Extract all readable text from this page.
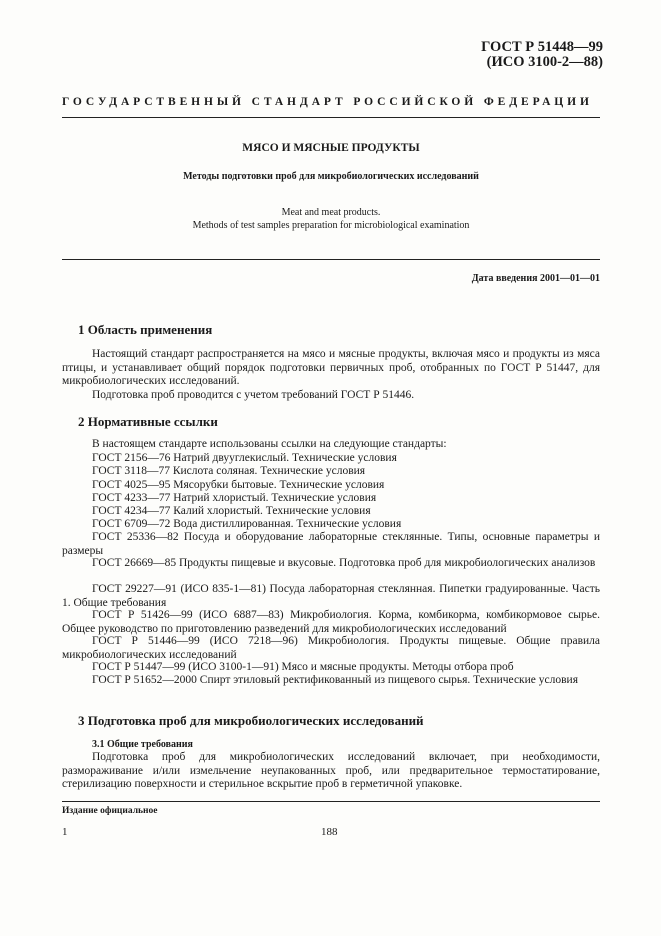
ГОСТ Р 51448—99
(ИСО 3100-2—88)
ГОСУДАРСТВЕННЫЙ СТАНДАРТ РОССИЙСКОЙ ФЕДЕРАЦИИ
МЯСО И МЯСНЫЕ ПРОДУКТЫ
Методы подготовки проб для микробиологических исследований
Meat and meat products.
Methods of test samples preparation for microbiological examination
Дата введения 2001—01—01
1 Область применения
Настоящий стандарт распространяется на мясо и мясные продукты, включая мясо и продукты из мяса птицы, и устанавливает общий порядок подготовки первичных проб, отобранных по ГОСТ Р 51447, для микробиологических исследований.
Подготовка проб проводится с учетом требований ГОСТ Р 51446.
2 Нормативные ссылки
В настоящем стандарте использованы ссылки на следующие стандарты:
ГОСТ 2156—76 Натрий двууглекислый. Технические условия
ГОСТ 3118—77 Кислота соляная. Технические условия
ГОСТ 4025—95 Мясорубки бытовые. Технические условия
ГОСТ 4233—77 Натрий хлористый. Технические условия
ГОСТ 4234—77 Калий хлористый. Технические условия
ГОСТ 6709—72 Вода дистиллированная. Технические условия
ГОСТ 25336—82 Посуда и оборудование лабораторные стеклянные. Типы, основные параметры и размеры
ГОСТ 26669—85 Продукты пищевые и вкусовые. Подготовка проб для микробиологических анализов
ГОСТ 29227—91 (ИСО 835-1—81) Посуда лабораторная стеклянная. Пипетки градуированные. Часть 1. Общие требования
ГОСТ Р 51426—99 (ИСО 6887—83) Микробиология. Корма, комбикорма, комбикормовое сырье. Общее руководство по приготовлению разведений для микробиологических исследований
ГОСТ Р 51446—99 (ИСО 7218—96) Микробиология. Продукты пищевые. Общие правила микробиологических исследований
ГОСТ Р 51447—99 (ИСО 3100-1—91) Мясо и мясные продукты. Методы отбора проб
ГОСТ Р 51652—2000 Спирт этиловый ректификованный из пищевого сырья. Технические условия
3 Подготовка проб для микробиологических исследований
3.1 Общие требования
Подготовка проб для микробиологических исследований включает, при необходимости, размораживание и/или измельчение неупакованных проб, или предварительное термостатирование, стерилизацию поверхности и стерильное вскрытие проб в герметичной упаковке.
Издание официальное
1	188
